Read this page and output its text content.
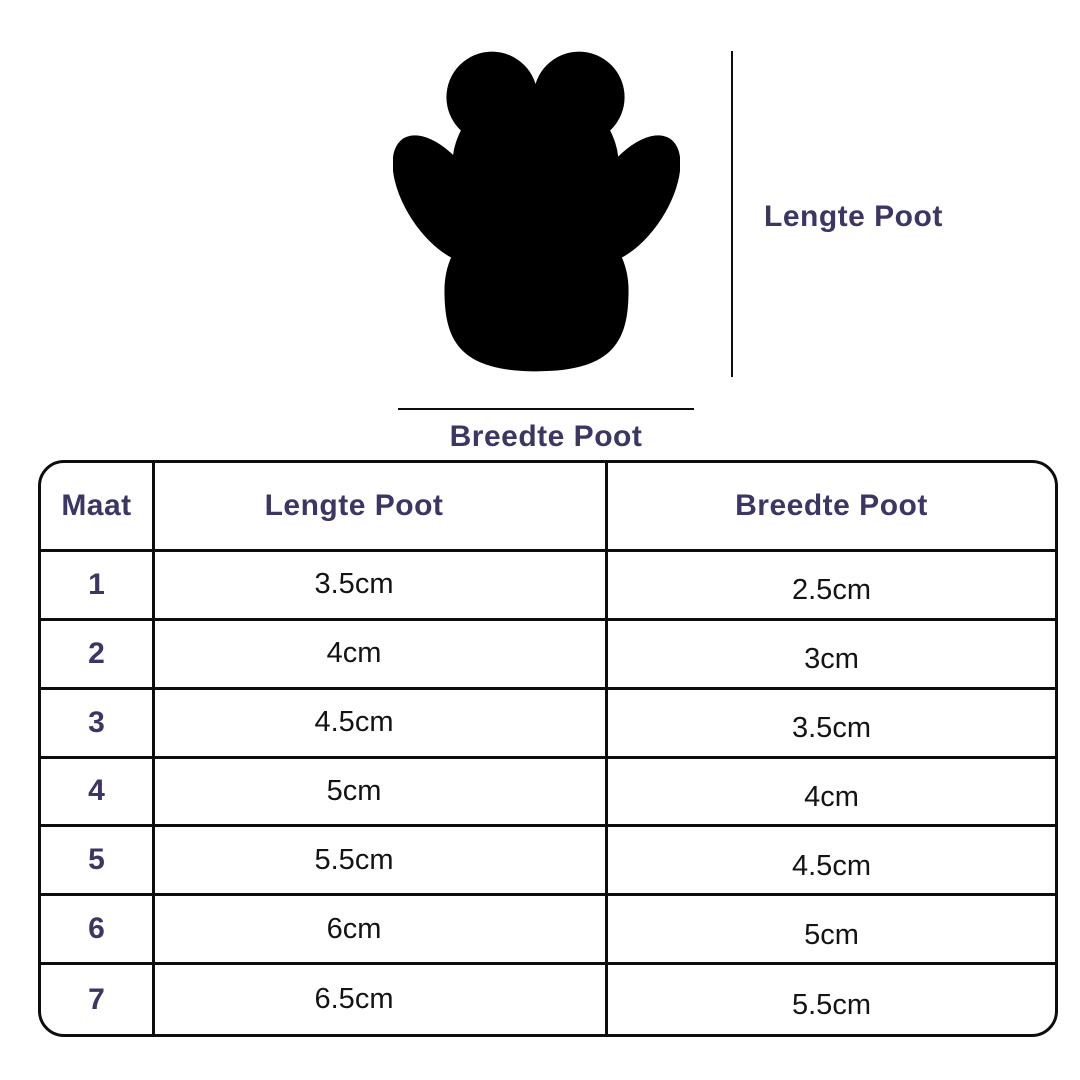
Lengte Poot
Breedte Poot
Maat	Lengte Poot	Breedte Poot
1	3.5cm	2.5cm
2	4cm	3cm
3	4.5cm	3.5cm
4	5cm	4cm
5	5.5cm	4.5cm
6	6cm	5cm
7	6.5cm	5.5cm
